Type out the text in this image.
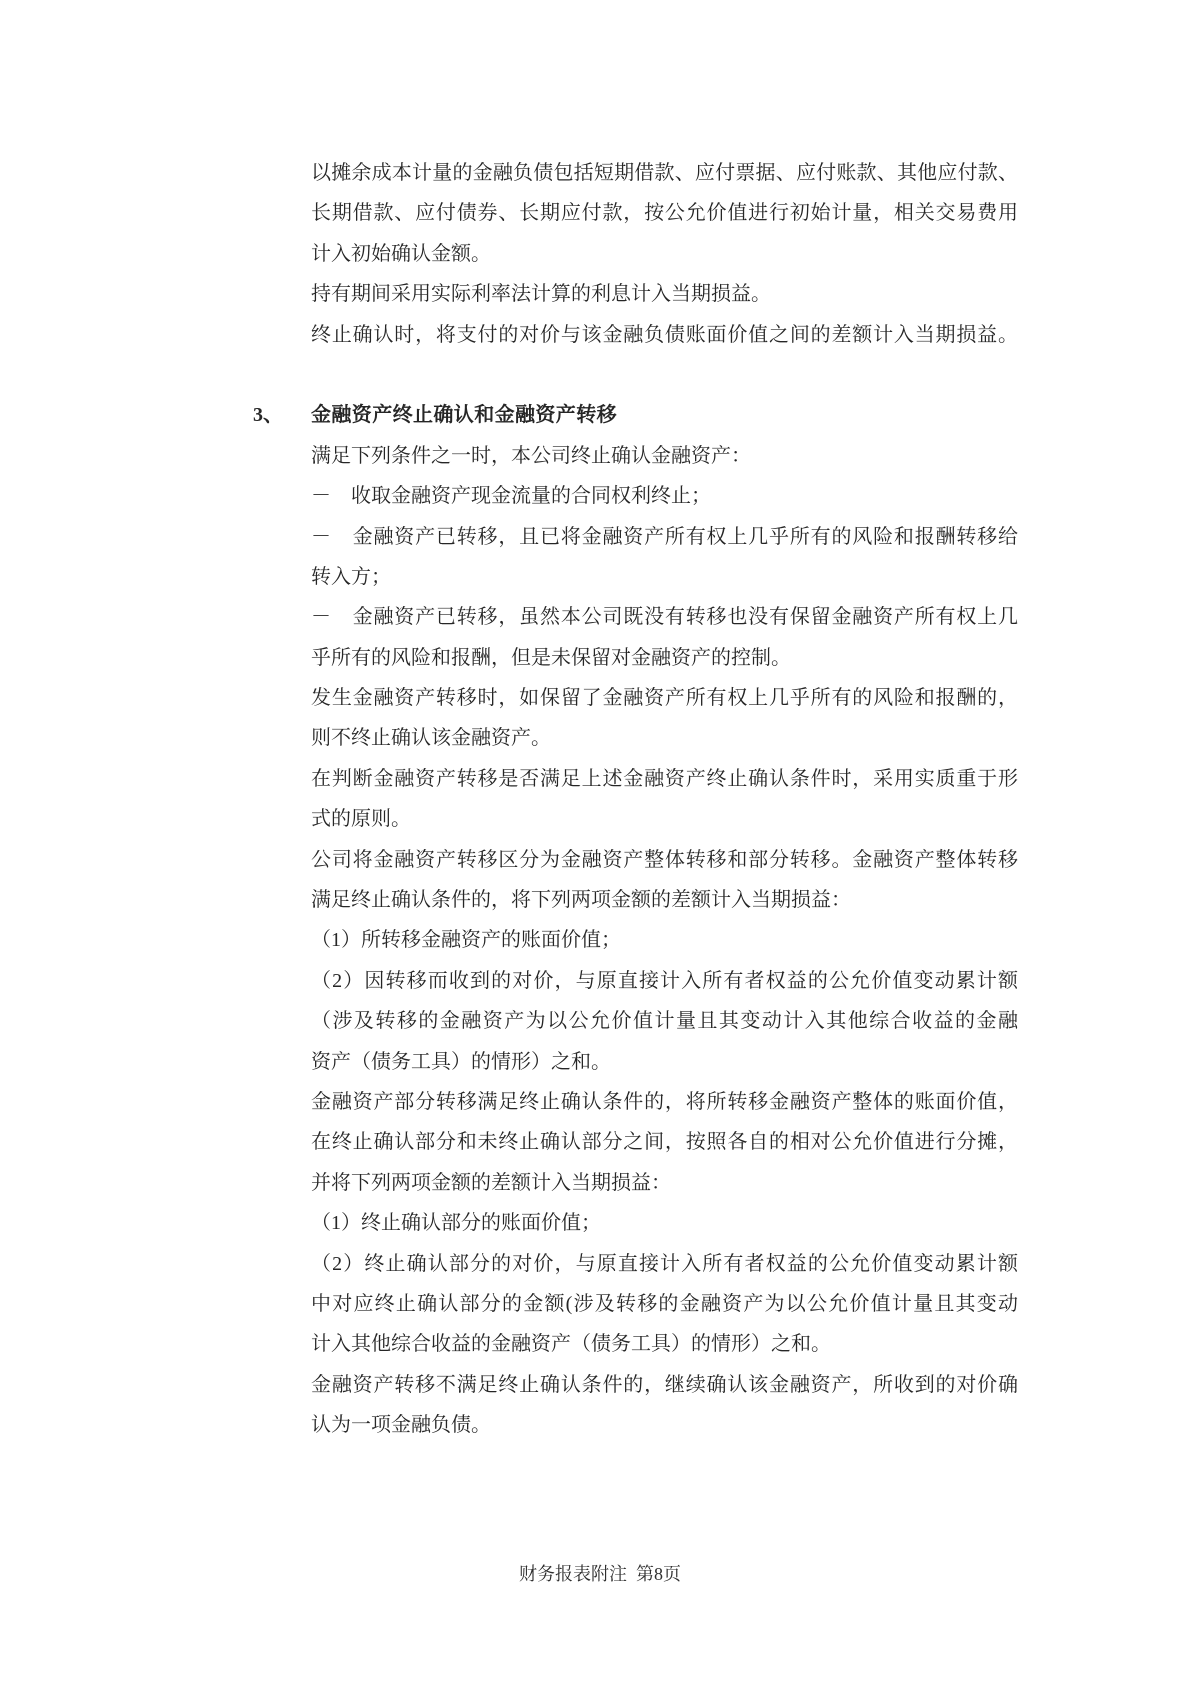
以摊余成本计量的金融负债包括短期借款、应付票据、应付账款、其他应付款、
长期借款、应付债券、长期应付款，按公允价值进行初始计量，相关交易费用
计入初始确认金额。
持有期间采用实际利率法计算的利息计入当期损益。
终止确认时，将支付的对价与该金融负债账面价值之间的差额计入当期损益。
3、 金融资产终止确认和金融资产转移
满足下列条件之一时，本公司终止确认金融资产：
－　收取金融资产现金流量的合同权利终止；
－　金融资产已转移，且已将金融资产所有权上几乎所有的风险和报酬转移给
转入方；
－　金融资产已转移，虽然本公司既没有转移也没有保留金融资产所有权上几
乎所有的风险和报酬，但是未保留对金融资产的控制。
发生金融资产转移时，如保留了金融资产所有权上几乎所有的风险和报酬的，
则不终止确认该金融资产。
在判断金融资产转移是否满足上述金融资产终止确认条件时，采用实质重于形
式的原则。
公司将金融资产转移区分为金融资产整体转移和部分转移。金融资产整体转移
满足终止确认条件的，将下列两项金额的差额计入当期损益：
（1）所转移金融资产的账面价值；
（2）因转移而收到的对价，与原直接计入所有者权益的公允价值变动累计额
（涉及转移的金融资产为以公允价值计量且其变动计入其他综合收益的金融
资产（债务工具）的情形）之和。
金融资产部分转移满足终止确认条件的，将所转移金融资产整体的账面价值，
在终止确认部分和未终止确认部分之间，按照各自的相对公允价值进行分摊，
并将下列两项金额的差额计入当期损益：
（1）终止确认部分的账面价值；
（2）终止确认部分的对价，与原直接计入所有者权益的公允价值变动累计额
中对应终止确认部分的金额(涉及转移的金融资产为以公允价值计量且其变动
计入其他综合收益的金融资产（债务工具）的情形）之和。
金融资产转移不满足终止确认条件的，继续确认该金融资产，所收到的对价确
认为一项金融负债。
财务报表附注 第8页
